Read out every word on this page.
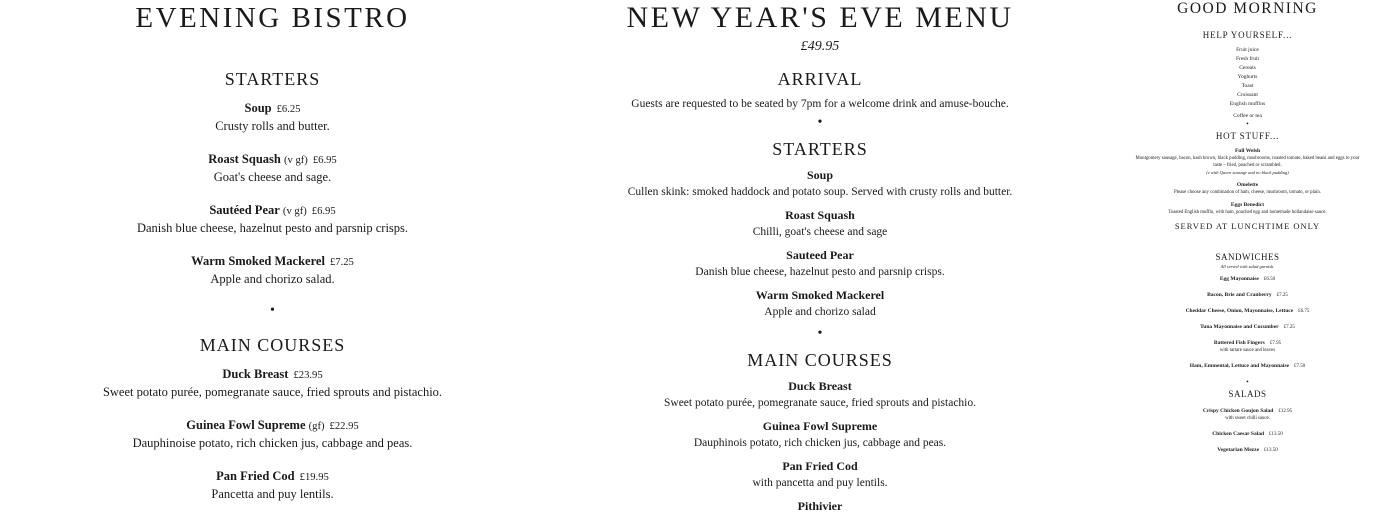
EVENING BISTRO
STARTERS
Soup £6.25
Crusty rolls and butter.
Roast Squash (v gf) £6.95
Goat's cheese and sage.
Sautéed Pear (v gf) £6.95
Danish blue cheese, hazelnut pesto and parsnip crisps.
Warm Smoked Mackerel £7.25
Apple and chorizo salad.
•
MAIN COURSES
Duck Breast £23.95
Sweet potato purée, pomegranate sauce, fried sprouts and pistachio.
Guinea Fowl Supreme (gf) £22.95
Dauphinoise potato, rich chicken jus, cabbage and peas.
Pan Fried Cod £19.95
Pancetta and puy lentils.
NEW YEAR'S EVE MENU
£49.95
ARRIVAL
Guests are requested to be seated by 7pm for a welcome drink and amuse-bouche.
•
STARTERS
Soup
Cullen skink: smoked haddock and potato soup. Served with crusty rolls and butter.
Roast Squash
Chilli, goat's cheese and sage
Sauteed Pear
Danish blue cheese, hazelnut pesto and parsnip crisps.
Warm Smoked Mackerel
Apple and chorizo salad
•
MAIN COURSES
Duck Breast
Sweet potato purée, pomegranate sauce, fried sprouts and pistachio.
Guinea Fowl Supreme
Dauphinois potato, rich chicken jus, cabbage and peas.
Pan Fried Cod
with pancetta and puy lentils.
Pithivier
GOOD MORNING
HELP YOURSELF...
Fruit juice
Fresh fruit
Cereals
Yoghurts
Toast
Croissant
English muffins
Coffee or tea
•
HOT STUFF...
Full Welsh
Montgomery sausage, bacon, hash brown, black pudding, mushrooms, roasted tomato, baked beans and eggs to your taste – fried, poached or scrambled.
(v with Quorn sausage and no black pudding)
Omelette
Please choose any combination of ham, cheese, mushroom, tomato, or plain.
Eggs Benedict
Toasted English muffin, with ham, poached egg and homemade hollandaise sauce.
SERVED AT LUNCHTIME ONLY
SANDWICHES
All served with salad garnish.
Egg Mayonnaise £6.50
Bacon, Brie and Cranberry £7.25
Cheddar Cheese, Onion, Mayonnaise, Lettuce £6.75
Tuna Mayonnaise and Cucumber £7.25
Battered Fish Fingers £7.95
with tartare sauce and leaves
Ham, Emmental, Lettuce and Mayonnaise £7.50
•
SALADS
Crispy Chicken Goujon Salad £12.95
with sweet chilli sauce.
Chicken Caesar Salad £13.50
Vegetarian Mezze £13.50
